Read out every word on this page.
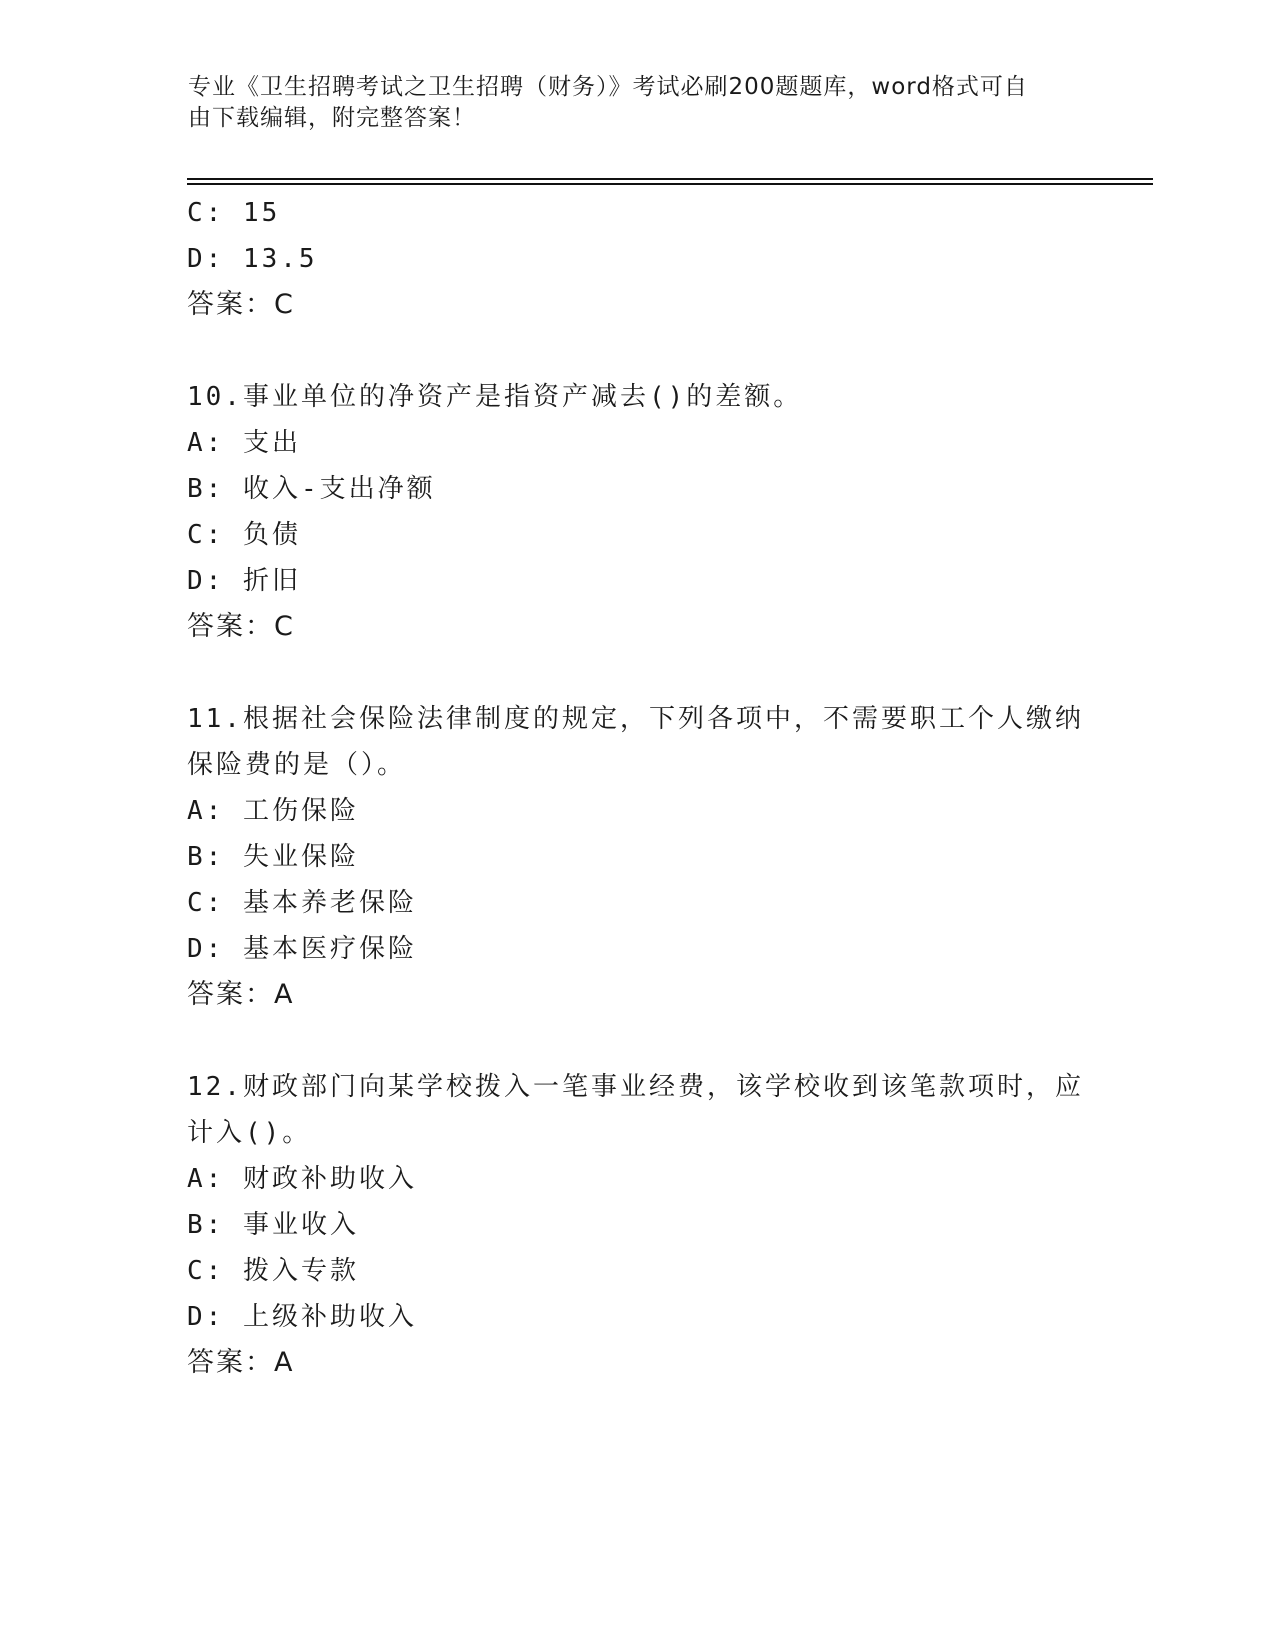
专业《卫生招聘考试之卫生招聘（财务）》考试必刷200题题库，word格式可自
由下载编辑，附完整答案！
C: 15
D: 13.5
答案：C
10.事业单位的净资产是指资产减去()的差额。
A: 支出
B: 收入-支出净额
C: 负债
D: 折旧
答案：C
11.根据社会保险法律制度的规定，下列各项中，不需要职工个人缴纳
保险费的是（）。
A: 工伤保险
B: 失业保险
C: 基本养老保险
D: 基本医疗保险
答案：A
12.财政部门向某学校拨入一笔事业经费，该学校收到该笔款项时，应
计入()。
A: 财政补助收入
B: 事业收入
C: 拨入专款
D: 上级补助收入
答案：A
